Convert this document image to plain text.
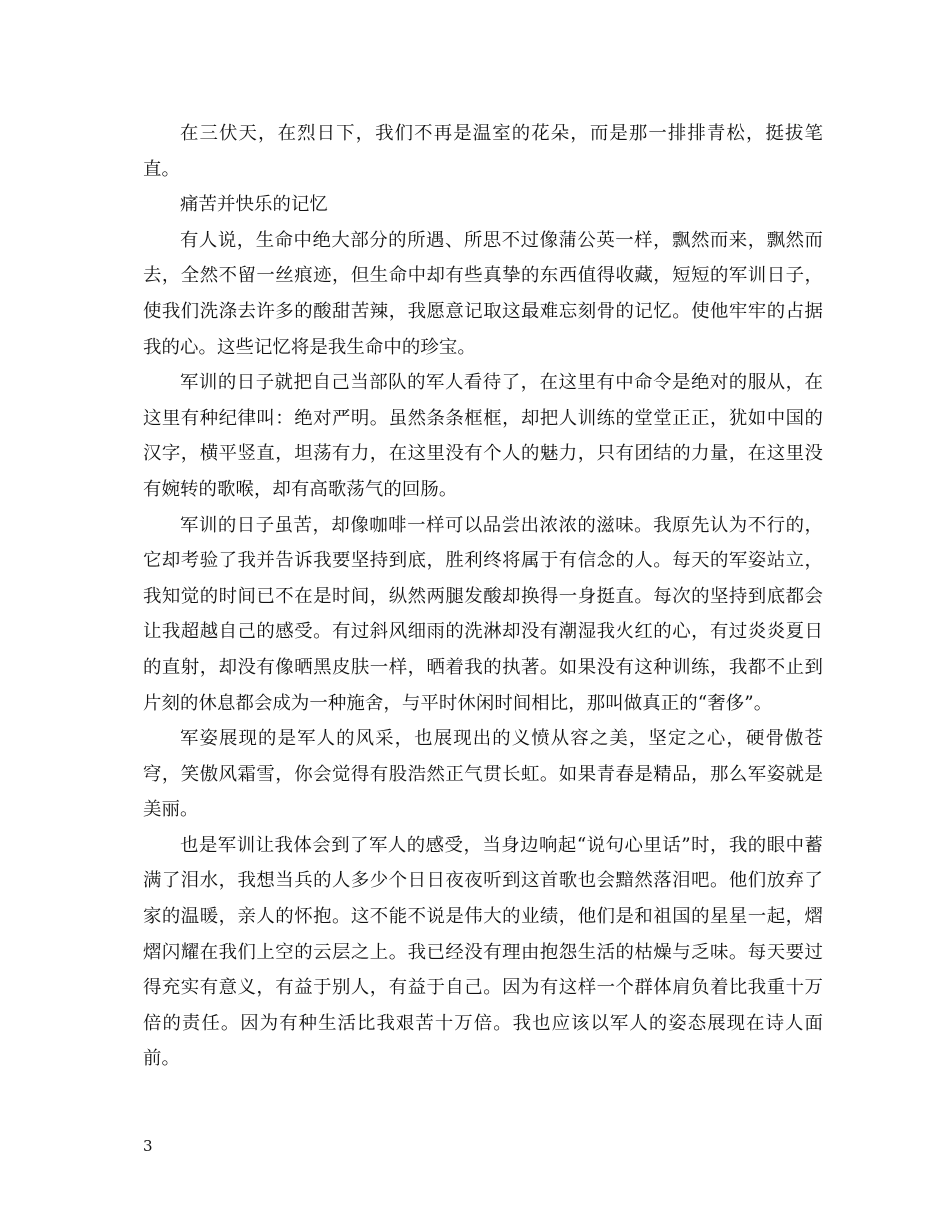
在三伏天，在烈日下，我们不再是温室的花朵，而是那一排排青松，挺拔笔直。

痛苦并快乐的记忆

有人说，生命中绝大部分的所遇、所思不过像蒲公英一样，飘然而来，飘然而去，全然不留一丝痕迹，但生命中却有些真挚的东西值得收藏，短短的军训日子，使我们洗涤去许多的酸甜苦辣，我愿意记取这最难忘刻骨的记忆。使他牢牢的占据我的心。这些记忆将是我生命中的珍宝。

军训的日子就把自己当部队的军人看待了，在这里有中命令是绝对的服从，在这里有种纪律叫：绝对严明。虽然条条框框，却把人训练的堂堂正正，犹如中国的汉字，横平竖直，坦荡有力，在这里没有个人的魅力，只有团结的力量，在这里没有婉转的歌喉，却有高歌荡气的回肠。

军训的日子虽苦，却像咖啡一样可以品尝出浓浓的滋味。我原先认为不行的，它却考验了我并告诉我要坚持到底，胜利终将属于有信念的人。每天的军姿站立，我知觉的时间已不在是时间，纵然两腿发酸却换得一身挺直。每次的坚持到底都会让我超越自己的感受。有过斜风细雨的洗淋却没有潮湿我火红的心，有过炎炎夏日的直射，却没有像晒黑皮肤一样，晒着我的执著。如果没有这种训练，我都不止到片刻的休息都会成为一种施舍，与平时休闲时间相比，那叫做真正的“奢侈”。

军姿展现的是军人的风采，也展现出的义愤从容之美，坚定之心，硬骨傲苍穹，笑傲风霜雪，你会觉得有股浩然正气贯长虹。如果青春是精品，那么军姿就是美丽。

也是军训让我体会到了军人的感受，当身边响起“说句心里话”时，我的眼中蓄满了泪水，我想当兵的人多少个日日夜夜听到这首歌也会黯然落泪吧。他们放弃了家的温暖，亲人的怀抱。这不能不说是伟大的业绩，他们是和祖国的星星一起，熠熠闪耀在我们上空的云层之上。我已经没有理由抱怨生活的枯燥与乏味。每天要过得充实有意义，有益于别人，有益于自己。因为有这样一个群体肩负着比我重十万倍的责任。因为有种生活比我艰苦十万倍。我也应该以军人的姿态展现在诗人面前。

3
